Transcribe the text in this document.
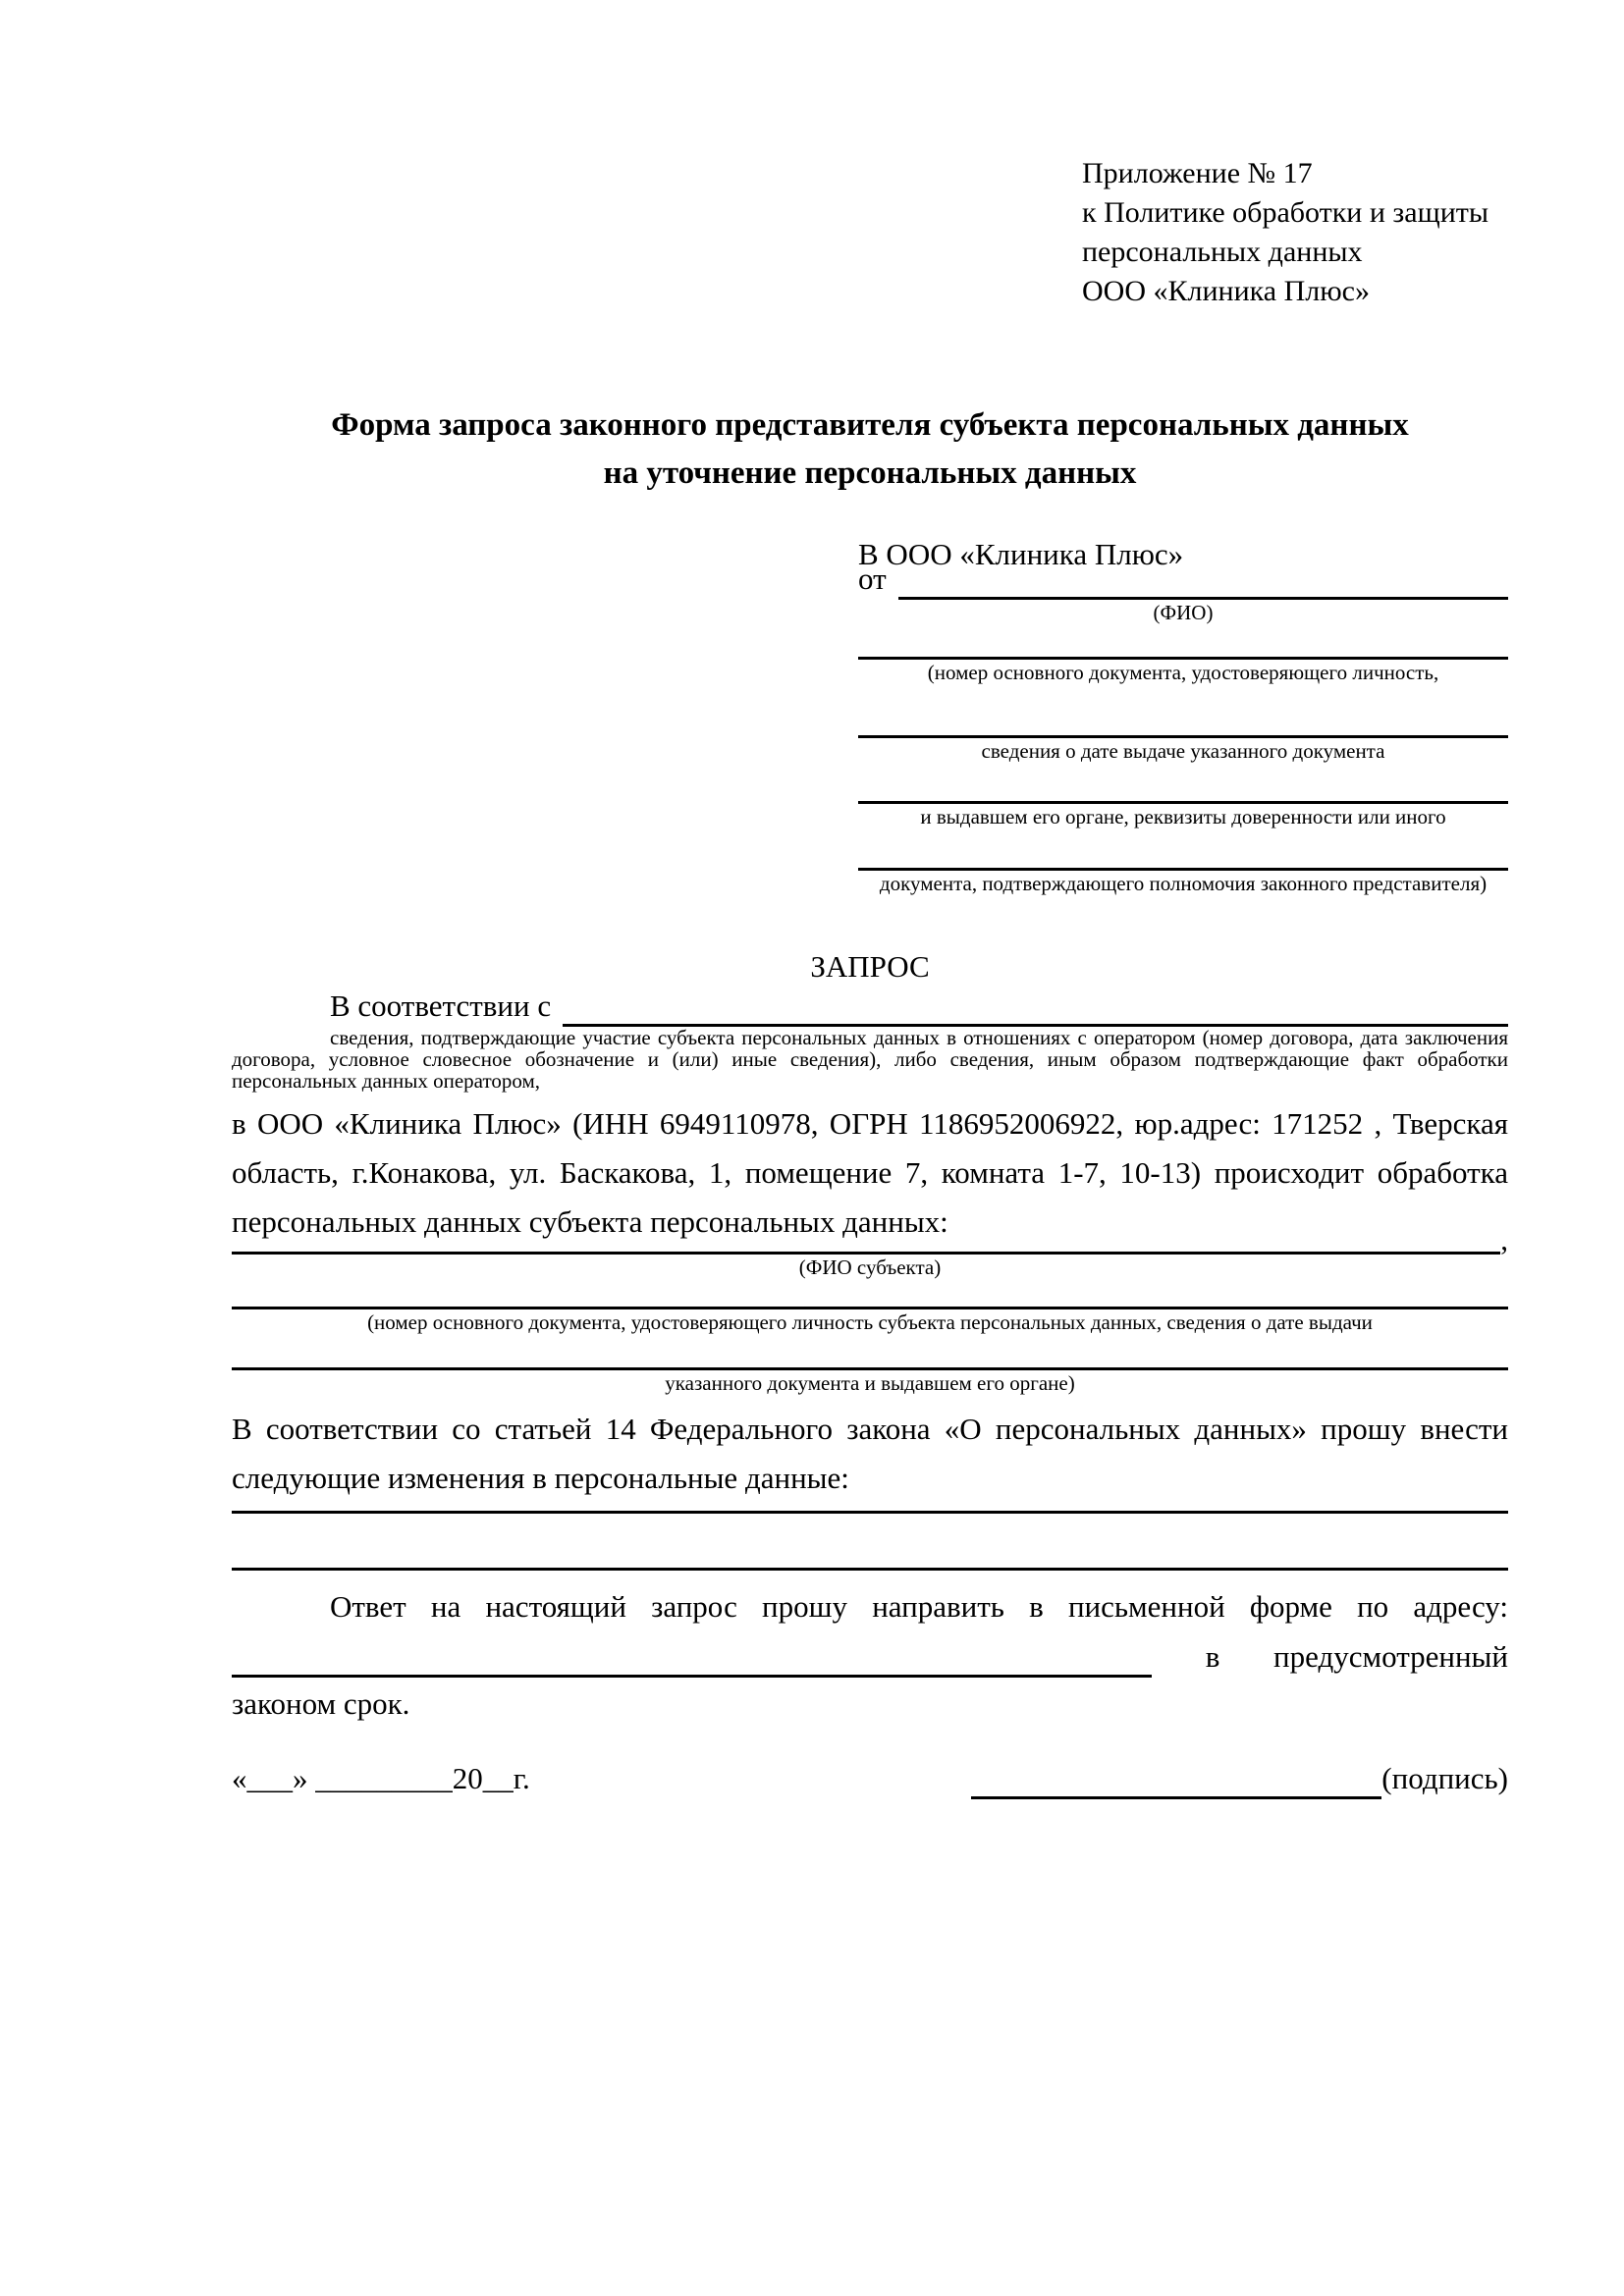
Приложение № 17
к Политике обработки и защиты
персональных данных
ООО «Клиника Плюс»
Форма запроса законного представителя субъекта персональных данных
на уточнение персональных данных
В ООО «Клиника Плюс»
от
(ФИО)
(номер основного документа, удостоверяющего личность,
сведения о дате выдаче указанного документа
и выдавшем его органе, реквизиты доверенности или иного
документа, подтверждающего полномочия законного представителя)
ЗАПРОС
В соответствии с

сведения, подтверждающие участие субъекта персональных данных в отношениях с оператором (номер договора, дата заключения договора, условное словесное обозначение и (или) иные сведения), либо сведения, иным образом подтверждающие факт обработки персональных данных оператором,

в ООО «Клиника Плюс» (ИНН 6949110978, ОГРН 1186952006922, юр.адрес: 171252 , Тверская область, г.Конакова, ул. Баскакова, 1, помещение 7, комната 1-7, 10-13) происходит обработка персональных данных субъекта персональных данных:

,
(ФИО субъекта)
(номер основного документа, удостоверяющего личность субъекта персональных данных, сведения о дате выдачи
указанного документа и выдавшем его органе)

В соответствии со статьей 14 Федерального закона «О персональных данных» прошу внести следующие изменения в персональные данные:

Ответ на настоящий запрос прошу направить в письменной форме по адресу:

в предусмотренный
законом срок.
«___» _________20__г.	(подпись)
